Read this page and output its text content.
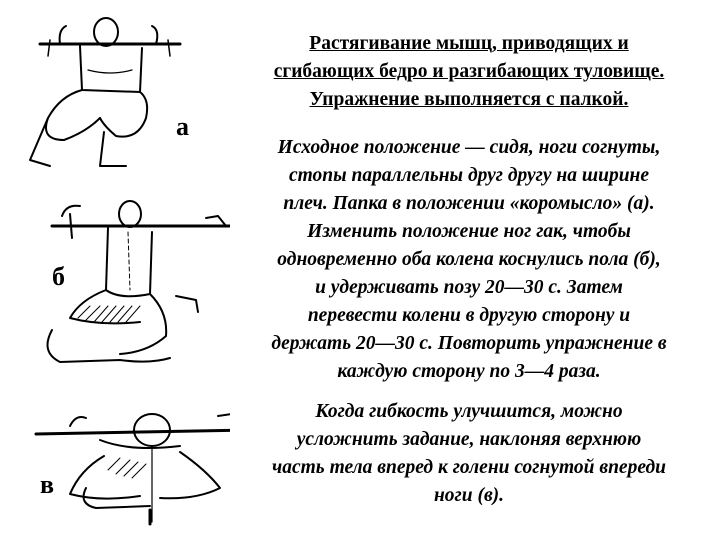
а
б
в
Растягивание мышц, приводящих и
сгибающих бедро и разгибающих туловище.
Упражнение выполняется с палкой.
Исходное положение — сидя, ноги согнуты,
стопы параллельны друг другу на ширине
плеч. Папка в положении «коромысло» (а).
Изменить положение ног гак, чтобы
одновременно оба колена коснулись пола (б),
и удерживать позу 20—30 с. Затем
перевести колени в другую сторону и
держать 20—30 с. Повторить упражнение в
каждую сторону по 3—4 раза.
Когда гибкость улучшится, можно
усложнить задание, наклоняя верхнюю
часть тела вперед к голени согнутой впереди
ноги (в).
